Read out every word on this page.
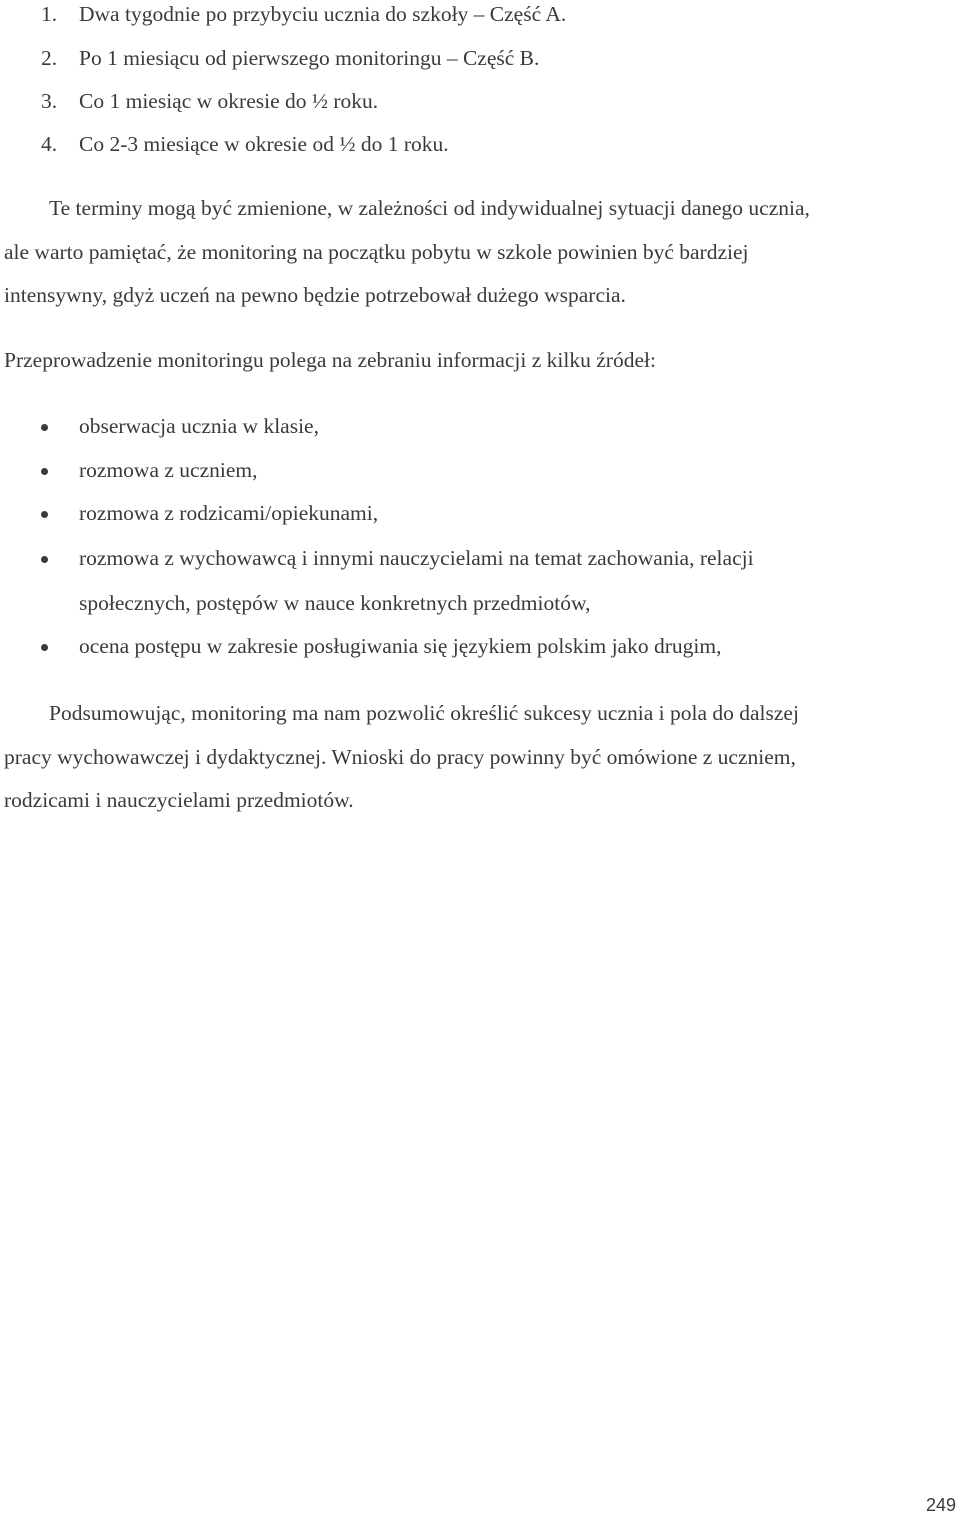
1. Dwa tygodnie po przybyciu ucznia do szkoły – Część A.
2. Po 1 miesiącu od pierwszego monitoringu – Część B.
3. Co 1 miesiąc w okresie do ½ roku.
4. Co 2-3 miesiące w okresie od ½ do 1 roku.
Te terminy mogą być zmienione, w zależności od indywidualnej sytuacji danego ucznia,
ale warto pamiętać, że monitoring na początku pobytu w szkole powinien być bardziej
intensywny, gdyż uczeń na pewno będzie potrzebował dużego wsparcia.
Przeprowadzenie monitoringu polega na zebraniu informacji z kilku źródeł:
obserwacja ucznia w klasie,
rozmowa z uczniem,
rozmowa z rodzicami/opiekunami,
rozmowa z wychowawcą i innymi nauczycielami na temat zachowania, relacji
społecznych, postępów w nauce konkretnych przedmiotów,
ocena postępu w zakresie posługiwania się językiem polskim jako drugim,
Podsumowując, monitoring ma nam pozwolić określić sukcesy ucznia i pola do dalszej
pracy wychowawczej i dydaktycznej. Wnioski do pracy powinny być omówione z uczniem,
rodzicami i nauczycielami przedmiotów.
249
